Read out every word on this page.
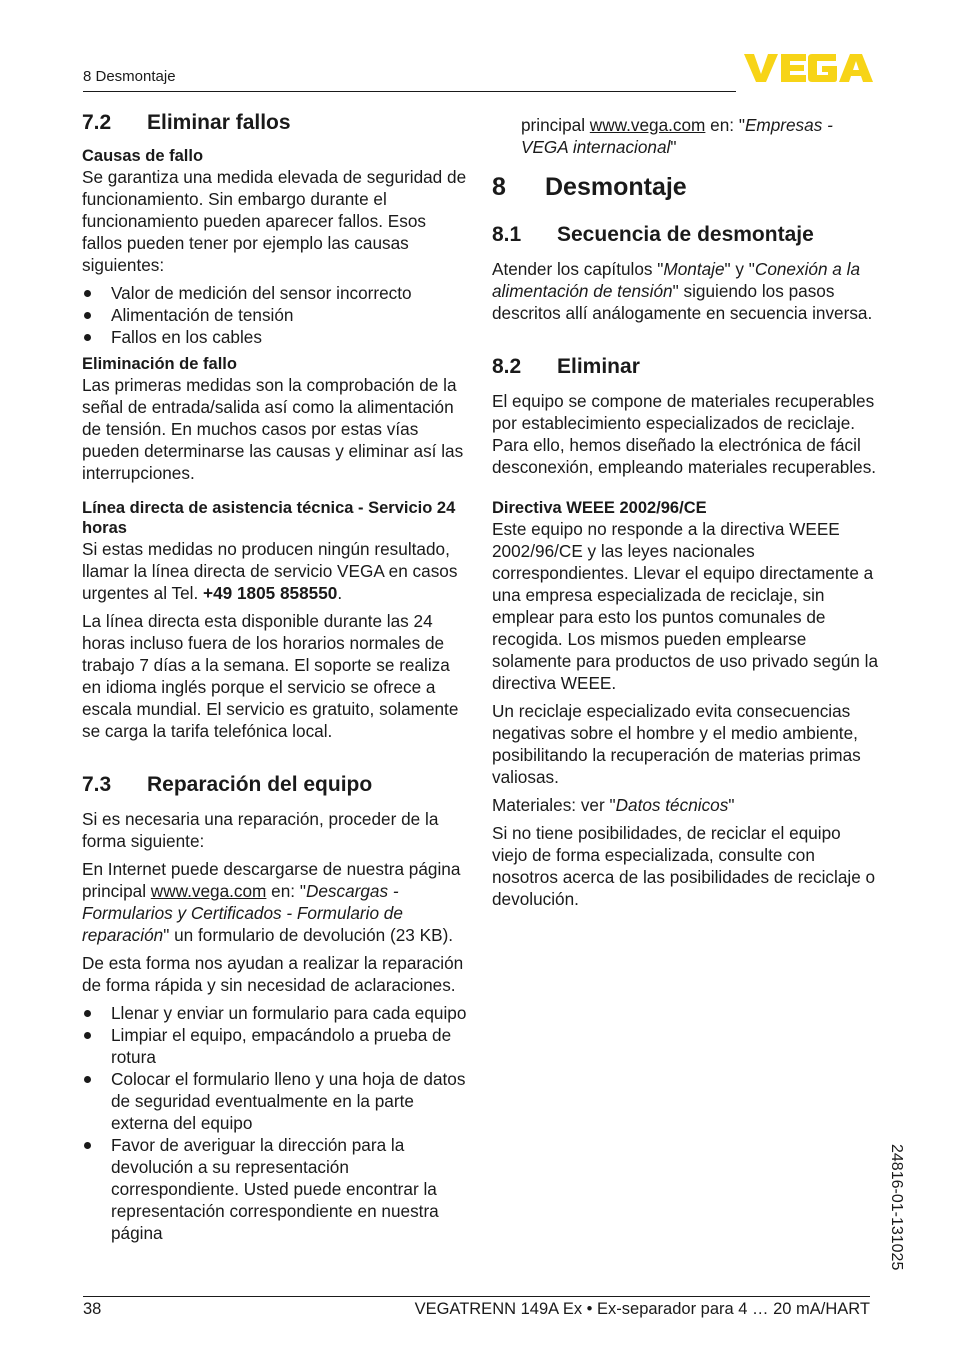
8 Desmontaje
7.2	Eliminar fallos
Causas de fallo

Se garantiza una medida elevada de seguridad de funcionamiento. Sin embargo durante el funcionamiento pueden aparecer fallos. Esos fallos pueden tener por ejemplo las causas siguientes:

Valor de medición del sensor incorrecto
Alimentación de tensión
Fallos en los cables
Eliminación de fallo

Las primeras medidas son la comprobación de la señal de entrada/salida así como la alimentación de tensión. En muchos casos por estas vías pueden determinarse las causas y eliminar así las interrupciones.

Línea directa de asistencia técnica - Servicio 24 horas

Si estas medidas no producen ningún resultado, llamar la línea directa de servicio VEGA en casos urgentes al Tel. +49 1805 858550.

La línea directa esta disponible durante las 24 horas incluso fuera de los horarios normales de trabajo 7 días a la semana. El soporte se realiza en idioma inglés porque el servicio se ofrece a escala mundial. El servicio es gratuito, solamente se carga la tarifa telefónica local.

7.3	Reparación del equipo

Si es necesaria una reparación, proceder de la forma siguiente:

En Internet puede descargarse de nuestra página principal www.vega.com en: "Descargas - Formularios y Certificados - Formulario de reparación" un formulario de devolución (23 KB).

De esta forma nos ayudan a realizar la reparación de forma rápida y sin necesidad de aclaraciones.

Llenar y enviar un formulario para cada equipo
Limpiar el equipo, empacándolo a prueba de rotura
Colocar el formulario lleno y una hoja de datos de seguridad eventualmente en la parte externa del equipo
Favor de averiguar la dirección para la devolución a su representación correspondiente. Usted puede encontrar la representación correspondiente en nuestra página

principal www.vega.com en: "Empresas - VEGA internacional"

8	Desmontaje
8.1	Secuencia de desmontaje

Atender los capítulos "Montaje" y "Conexión a la alimentación de tensión" siguiendo los pasos descritos allí análogamente en secuencia inversa.

8.2	Eliminar

El equipo se compone de materiales recuperables por establecimiento especializados de reciclaje. Para ello, hemos diseñado la electrónica de fácil desconexión, empleando materiales recuperables.

Directiva WEEE 2002/96/CE

Este equipo no responde a la directiva WEEE 2002/96/CE y las leyes nacionales correspondientes. Llevar el equipo directamente a una empresa especializada de reciclaje, sin emplear para esto los puntos comunales de recogida. Los mismos pueden emplearse solamente para productos de uso privado según la directiva WEEE.

Un reciclaje especializado evita consecuencias negativas sobre el hombre y el medio ambiente, posibilitando la recuperación de materias primas valiosas.

Materiales: ver "Datos técnicos"

Si no tiene posibilidades, de reciclar el equipo viejo de forma especializada, consulte con nosotros acerca de las posibilidades de reciclaje o devolución.

24816-01-131025
38	VEGATRENN 149A Ex • Ex-separador para 4 … 20 mA/HART
